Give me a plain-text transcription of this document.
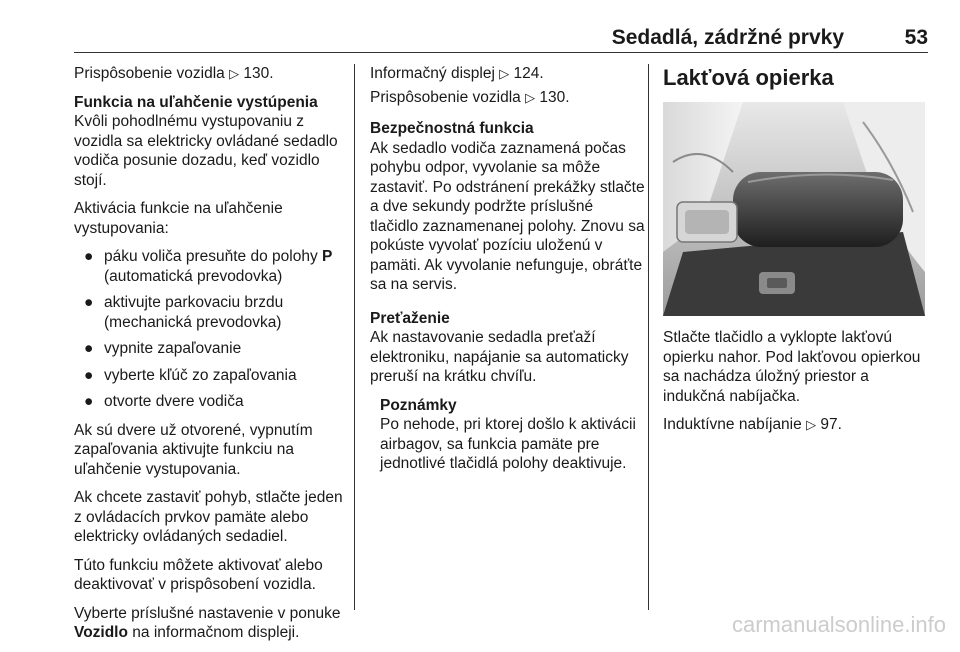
Sedadlá, zádržné prvky	53

Prispôsobenie vozidla ▷ 130.

Funkcia na uľahčenie vystúpenia

Kvôli pohodlnému vystupovaniu z vozidla sa elektricky ovládané sedadlo vodiča posunie dozadu, keď vozidlo stojí.

Aktivácia funkcie na uľahčenie vystupovania:

● páku voliča presuňte do polohy P (automatická prevodovka)
● aktivujte parkovaciu brzdu (mechanická prevodovka)
● vypnite zapaľovanie
● vyberte kľúč zo zapaľovania
● otvorte dvere vodiča

Ak sú dvere už otvorené, vypnutím zapaľovania aktivujte funkciu na uľahčenie vystupovania.

Ak chcete zastaviť pohyb, stlačte jeden z ovládacích prvkov pamäte alebo elektricky ovládaných sedadiel.

Túto funkciu môžete aktivovať alebo deaktivovať v prispôsobení vozidla.

Vyberte príslušné nastavenie v ponuke Vozidlo na informačnom displeji.

Informačný displej ▷ 124.

Prispôsobenie vozidla ▷ 130.

Bezpečnostná funkcia

Ak sedadlo vodiča zaznamená počas pohybu odpor, vyvolanie sa môže zastaviť. Po odstránení prekážky stlačte a dve sekundy podržte príslušné tlačidlo zaznamenanej polohy. Znovu sa pokúste vyvolať pozíciu uloženú v pamäti. Ak vyvolanie nefunguje, obráťte sa na servis.

Preťaženie

Ak nastavovanie sedadla preťaží elektroniku, napájanie sa automaticky preruší na krátku chvíľu.

Poznámky

Po nehode, pri ktorej došlo k aktivácii airbagov, sa funkcia pamäte pre jednotlivé tlačidlá polohy deaktivuje.

Lakťová opierka

Stlačte tlačidlo a vyklopte lakťovú opierku nahor. Pod lakťovou opierkou sa nachádza úložný priestor a indukčná nabíjačka.

Induktívne nabíjanie ▷ 97.

carmanualsonline.info
